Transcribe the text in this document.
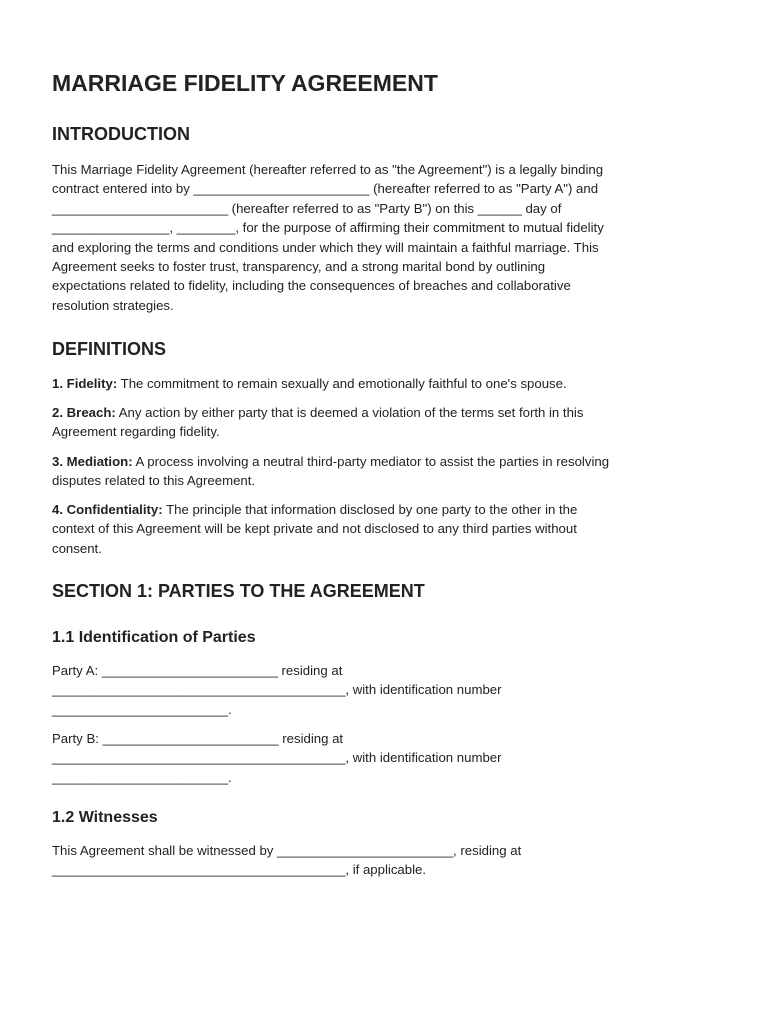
MARRIAGE FIDELITY AGREEMENT
INTRODUCTION

This Marriage Fidelity Agreement (hereafter referred to as "the Agreement") is a legally binding
contract entered into by ________________________ (hereafter referred to as "Party A") and
________________________ (hereafter referred to as "Party B") on this ______ day of
________________, ________, for the purpose of affirming their commitment to mutual fidelity
and exploring the terms and conditions under which they will maintain a faithful marriage. This
Agreement seeks to foster trust, transparency, and a strong marital bond by outlining
expectations related to fidelity, including the consequences of breaches and collaborative
resolution strategies.

DEFINITIONS

1. Fidelity: The commitment to remain sexually and emotionally faithful to one's spouse.

2. Breach: Any action by either party that is deemed a violation of the terms set forth in this
Agreement regarding fidelity.

3. Mediation: A process involving a neutral third-party mediator to assist the parties in resolving
disputes related to this Agreement.

4. Confidentiality: The principle that information disclosed by one party to the other in the
context of this Agreement will be kept private and not disclosed to any third parties without
consent.

SECTION 1: PARTIES TO THE AGREEMENT
1.1 Identification of Parties

Party A: ________________________ residing at
________________________________________, with identification number
________________________.

Party B: ________________________ residing at
________________________________________, with identification number
________________________.

1.2 Witnesses

This Agreement shall be witnessed by ________________________, residing at
________________________________________, if applicable.
